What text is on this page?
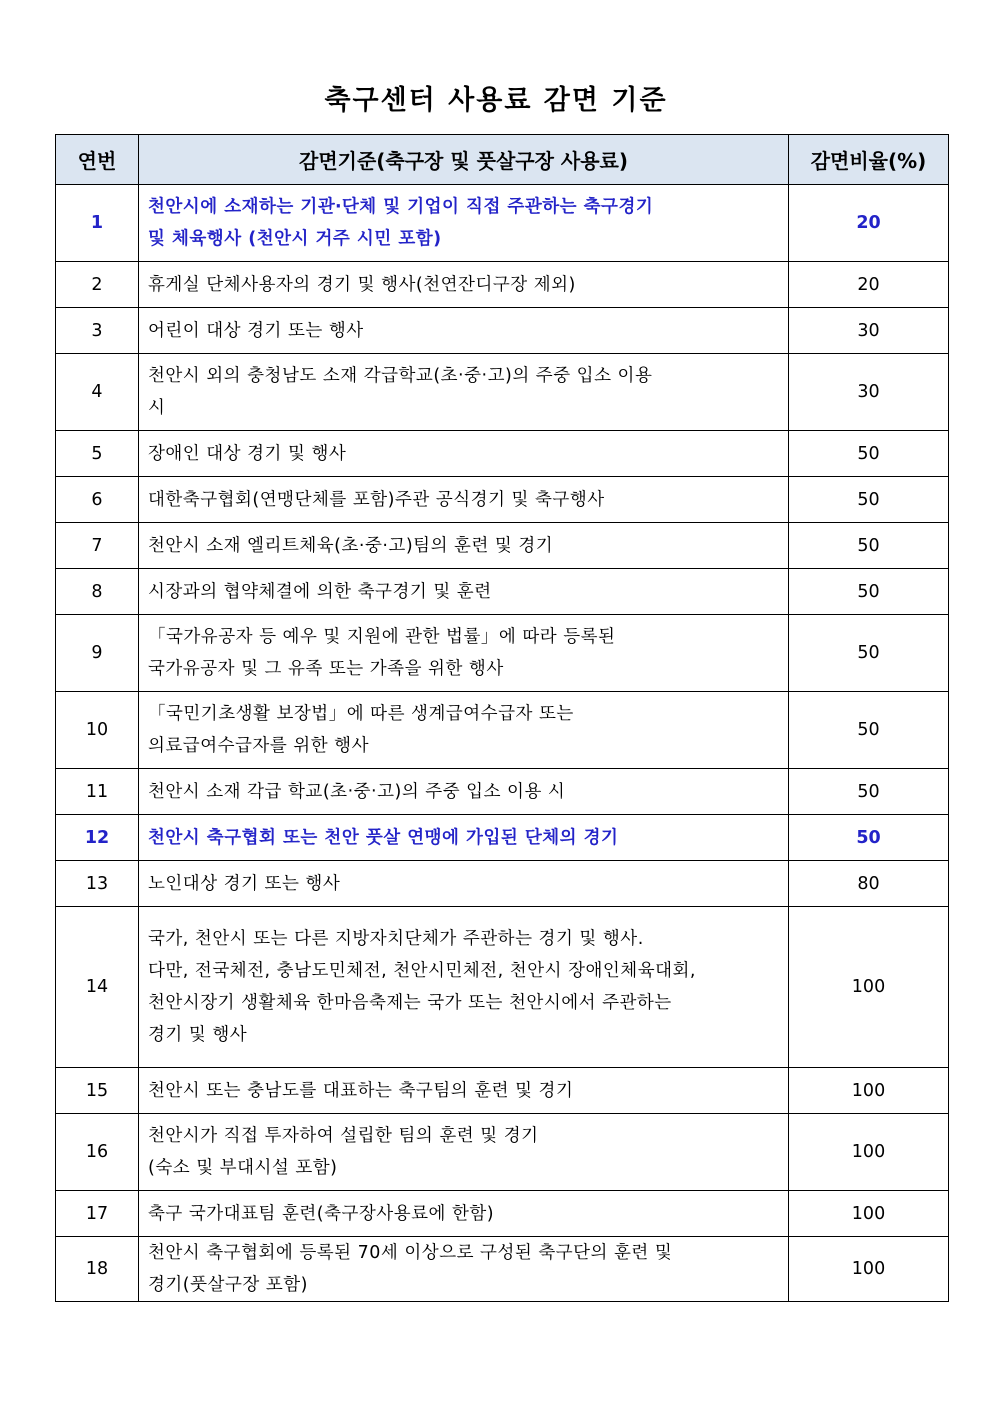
축구센터 사용료 감면 기준
연번	감면기준(축구장 및 풋살구장 사용료)	감면비율(%)
1	천안시에 소재하는 기관‧단체 및 기업이 직접 주관하는 축구경기
및 체육행사 (천안시 거주 시민 포함)	20
2	휴게실 단체사용자의 경기 및 행사(천연잔디구장 제외)	20
3	어린이 대상 경기 또는 행사	30
4	천안시 외의 충청남도 소재 각급학교(초‧중‧고)의 주중 입소 이용
시	30
5	장애인 대상 경기 및 행사	50
6	대한축구협회(연맹단체를 포함)주관 공식경기 및 축구행사	50
7	천안시 소재 엘리트체육(초·중·고)팀의 훈련 및 경기	50
8	시장과의 협약체결에 의한 축구경기 및 훈련	50
9	「국가유공자 등 예우 및 지원에 관한 법률」에 따라 등록된
국가유공자 및 그 유족 또는 가족을 위한 행사	50
10	「국민기초생활 보장법」에 따른 생계급여수급자 또는
의료급여수급자를 위한 행사	50
11	천안시 소재 각급 학교(초‧중‧고)의 주중 입소 이용 시	50
12	천안시 축구협회 또는 천안 풋살 연맹에 가입된 단체의 경기	50
13	노인대상 경기 또는 행사	80
14	국가, 천안시 또는 다른 지방자치단체가 주관하는 경기 및 행사.
다만, 전국체전, 충남도민체전, 천안시민체전, 천안시 장애인체육대회,
천안시장기 생활체육 한마음축제는 국가 또는 천안시에서 주관하는
경기 및 행사	100
15	천안시 또는 충남도를 대표하는 축구팀의 훈련 및 경기	100
16	천안시가 직접 투자하여 설립한 팀의 훈련 및 경기
(숙소 및 부대시설 포함)	100
17	축구 국가대표팀 훈련(축구장사용료에 한함)	100
18	천안시 축구협회에 등록된 70세 이상으로 구성된 축구단의 훈련 및
경기(풋살구장 포함)	100
